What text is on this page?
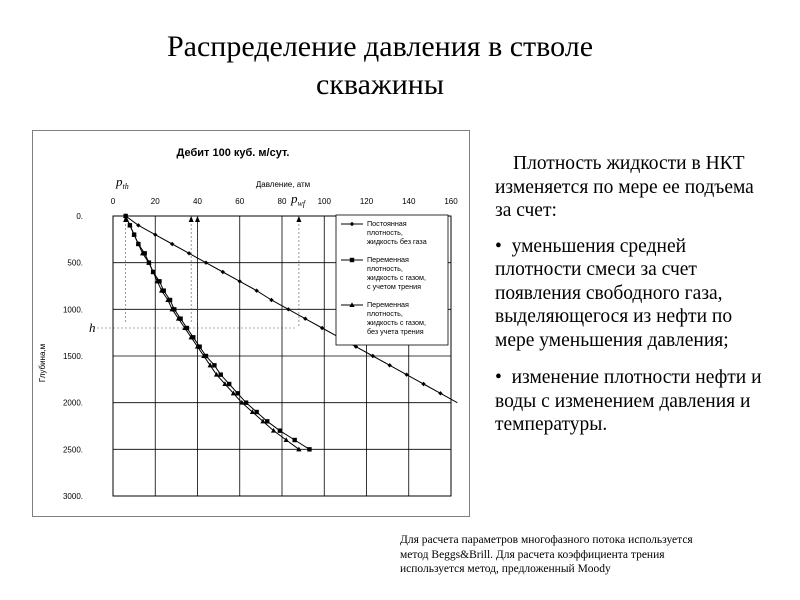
Распределение давления в стволе
скважины
Дебит 100 куб. м/сут.
Давление, атм
Глубина,м
0	20	40	60	80	100	120	140	160
0.
500.
1000.
1500.
2000.
2500.
3000.
$p_{th}$
$p_{wf}$
h
Постоянная плотность, жидкость без газа
Переменная плотность, жидкость с газом, с учетом трения
Переменная плотность, жидкость с газом, без учета трения

Плотность жидкости в НКТ изменяется по мере ее подъема за счет:

• уменьшения средней плотности смеси за счет появления свободного газа, выделяющегося из нефти по мере уменьшения давления;

• изменение плотности нефти и воды с изменением давления и температуры.

Для расчета параметров многофазного потока используется
метод Beggs&Brill. Для расчета коэффициента трения
используется метод, предложенный Moody
